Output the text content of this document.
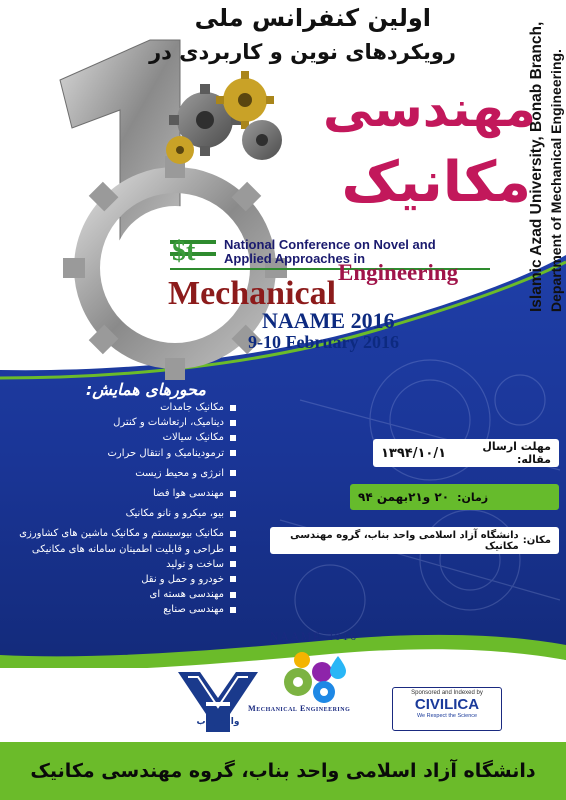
$t
اولین کنفرانس ملی
رویکردهای نوین و کاربردی در
مهندسی
مکانیک
Islamic Azad University, Bonab Branch, Department of Mechanical Engineering.
National Conference on Novel and Applied Approaches in
Engineering
Mechanical
NAAME 2016
9-10 February 2016
محورهای همایش:
مکانیک جامدات
دینامیک، ارتعاشات و کنترل
مکانیک سیالات
ترمودینامیک و انتقال حرارت
انرژی و محیط زیست
مهندسی هوا فضا
بیو، میکرو و نانو مکانیک
مکانیک بیوسیستم و مکانیک ماشین های کشاورزی
طراحی و قابلیت اطمینان سامانه های مکانیکی
ساخت و تولید
خودرو و حمل و نقل
مهندسی هسته ای
مهندسی صنایع
مهلت ارسال مقاله:
۱۳۹۴/۱۰/۱
زمان:
۲۰ و۲۱بهمن ۹۴
مکان:
دانشگاه آزاد اسلامی واحد بناب، گروه مهندسی مکانیک
واحد بناب
NAAME 2016
Mechanical Engineering
Sponsored and Indexed by
CIVILICA
We Respect the Science
دانشگاه آزاد اسلامی واحد بناب، گروه مهندسی مکانیک
